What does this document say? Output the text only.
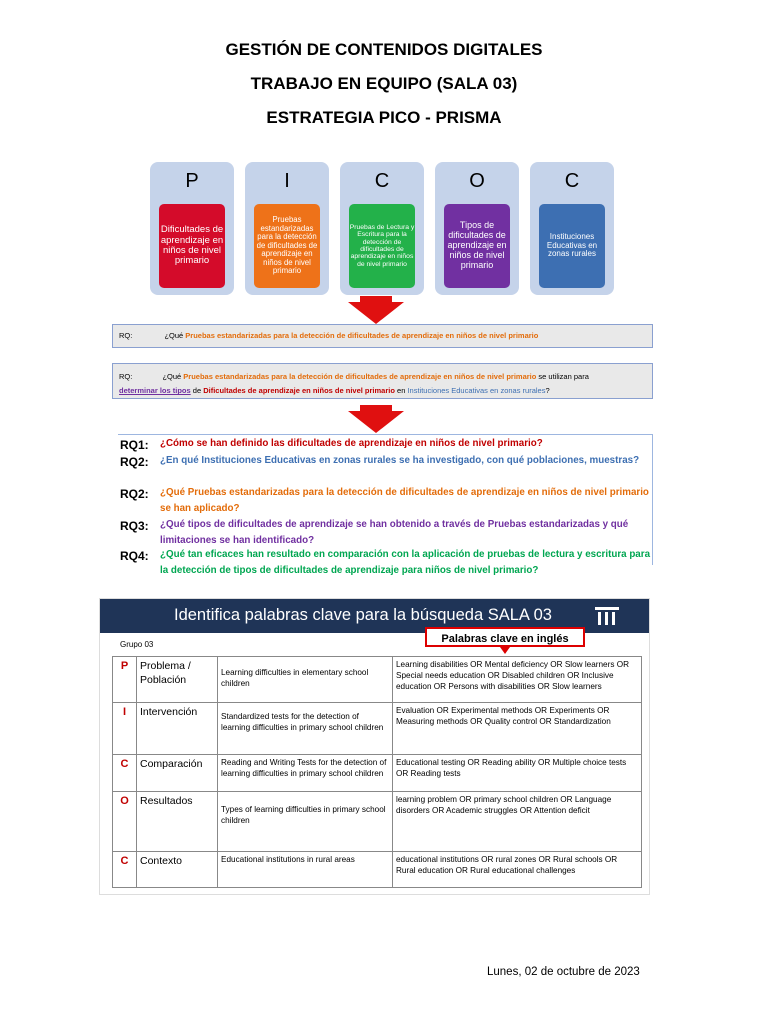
GESTIÓN DE CONTENIDOS DIGITALES
TRABAJO EN EQUIPO (SALA 03)
ESTRATEGIA PICO - PRISMA
P
Dificultades de aprendizaje en niños de nivel primario
I
Pruebas estandarizadas para la detección de dificultades de aprendizaje en niños de nivel primario
C
Pruebas de Lectura y Escritura para la detección de dificultades de aprendizaje en niños de nivel primario
O
Tipos de dificultades de aprendizaje en niños de nivel primario
C
Instituciones Educativas en zonas rurales
RQ:	¿Qué Pruebas estandarizadas para la detección de dificultades de aprendizaje en niños de nivel primario
RQ:	¿Qué Pruebas estandarizadas para la detección de dificultades de aprendizaje en niños de nivel primario se utilizan para
determinar los tipos de Dificultades de aprendizaje en niños de nivel primario en Instituciones Educativas en zonas rurales?
RQ1: ¿Cómo se han definido las dificultades de aprendizaje en niños de nivel primario?
RQ2: ¿En qué Instituciones Educativas en zonas rurales se ha investigado, con qué poblaciones, muestras?
RQ2: ¿Qué Pruebas estandarizadas para la detección de dificultades de aprendizaje en niños de nivel primario se han aplicado?
RQ3: ¿Qué tipos de dificultades de aprendizaje se han obtenido a través de Pruebas estandarizadas y qué limitaciones se han identificado?
RQ4: ¿Qué tan eficaces han resultado en comparación con la aplicación de pruebas de lectura y escritura para la detección de tipos de dificultades de aprendizaje para niños de nivel primario?
Identifica palabras clave para la búsqueda SALA 03
Grupo 03	Palabras clave en inglés
P	Problema / Población	Learning difficulties in elementary school children	Learning disabilities OR Mental deficiency OR Slow learners OR Special needs education OR Disabled children OR Inclusive education OR Persons with disabilities OR Slow learners
I	Intervención	Standardized tests for the detection of learning difficulties in primary school children	Evaluation OR Experimental methods OR Experiments OR Measuring methods OR Quality control OR Standardization
C	Comparación	Reading and Writing Tests for the detection of learning difficulties in primary school children	Educational testing OR Reading ability OR Multiple choice tests OR Reading tests
O	Resultados	Types of learning difficulties in primary school children	learning problem OR primary school children OR Language disorders OR Academic struggles OR Attention deficit
C	Contexto	Educational institutions in rural areas	educational institutions OR rural zones OR Rural schools OR Rural education OR Rural educational challenges
Lunes, 02 de octubre de 2023
